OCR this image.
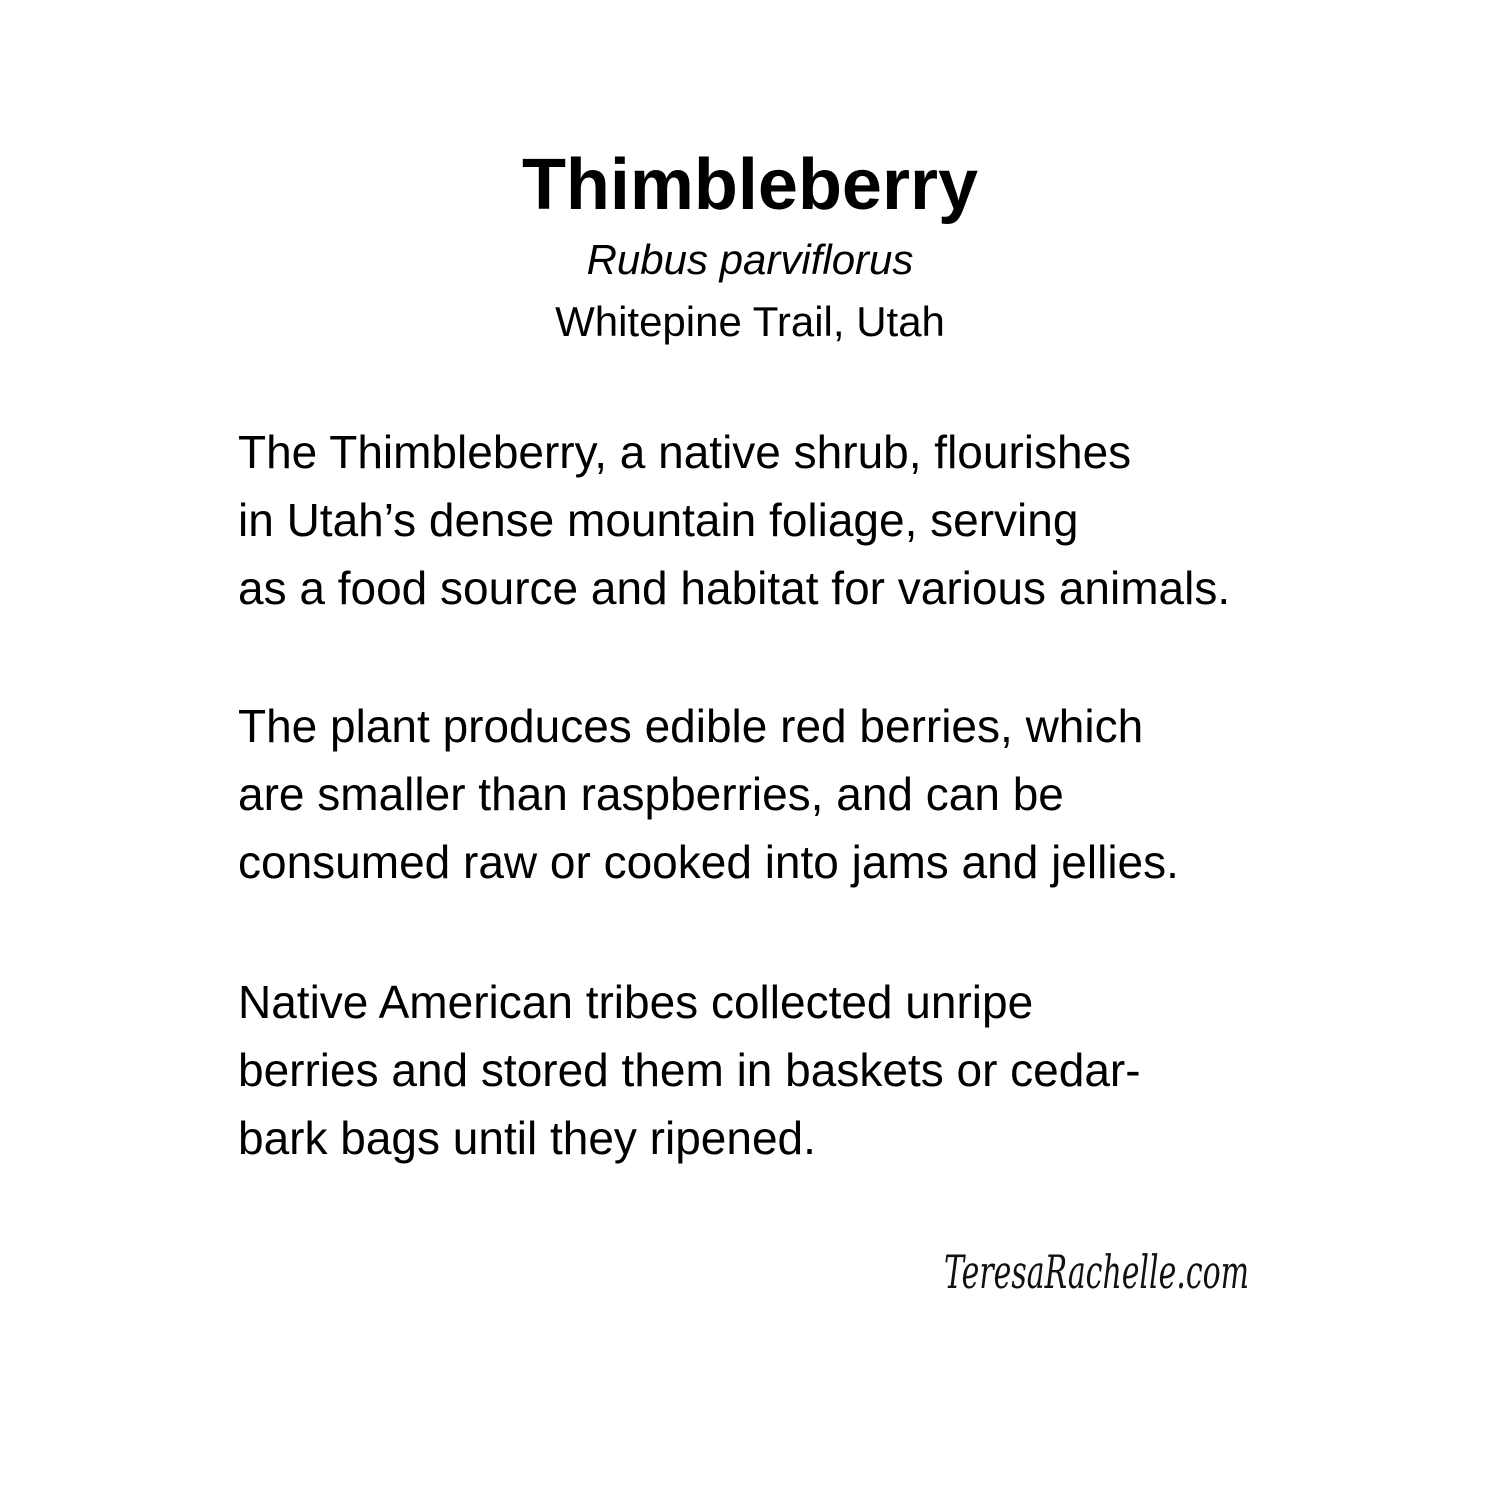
Thimbleberry

Rubus parviflorus

Whitepine Trail, Utah

The Thimbleberry, a native shrub, flourishes
in Utah’s dense mountain foliage, serving
as a food source and habitat for various animals.

The plant produces edible red berries, which
are smaller than raspberries, and can be
consumed raw or cooked into jams and jellies.

Native American tribes collected unripe
berries and stored them in baskets or cedar-
bark bags until they ripened.

TeresaRachelle.com
